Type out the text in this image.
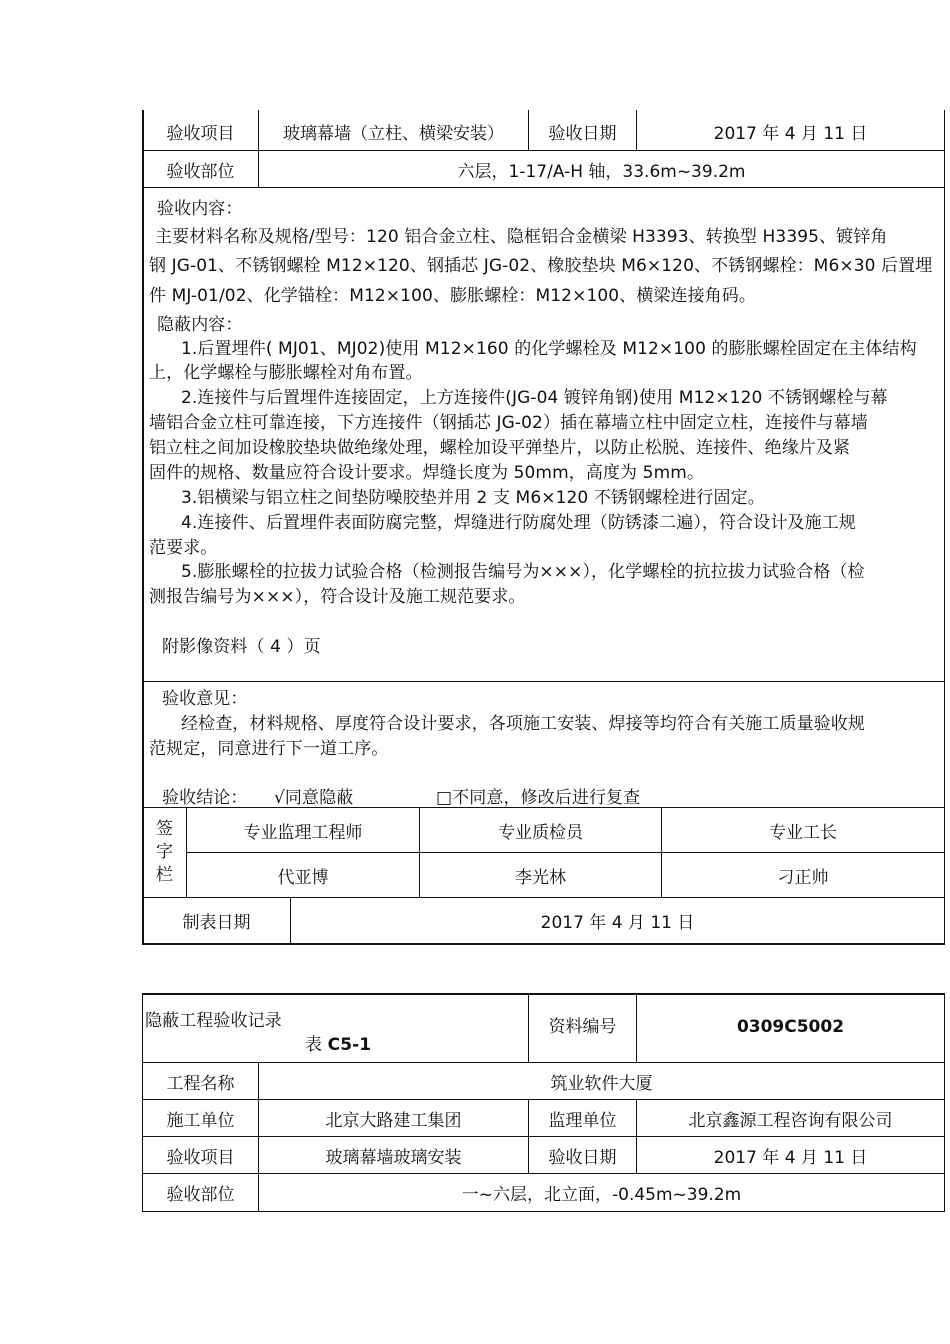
验收项目	玻璃幕墙（立柱、横梁安装）	验收日期	2017 年 4 月 11 日
验收部位	六层，1-17/A-H 轴，33.6m~39.2m
验收内容：
主要材料名称及规格/型号：120 铝合金立柱、隐框铝合金横梁 H3393、转换型 H3395、镀锌角
钢 JG-01、不锈钢螺栓 M12×120、钢插芯 JG-02、橡胶垫块 M6×120、不锈钢螺栓：M6×30 后置埋
件 MJ-01/02、化学锚栓：M12×100、膨胀螺栓：M12×100、横梁连接角码。
隐蔽内容：
1.后置埋件( MJ01、MJ02)使用 M12×160 的化学螺栓及 M12×100 的膨胀螺栓固定在主体结构
上，化学螺栓与膨胀螺栓对角布置。
2.连接件与后置埋件连接固定，上方连接件(JG-04 镀锌角钢)使用 M12×120 不锈钢螺栓与幕
墙铝合金立柱可靠连接，下方连接件（钢插芯 JG-02）插在幕墙立柱中固定立柱，连接件与幕墙
铝立柱之间加设橡胶垫块做绝缘处理，螺栓加设平弹垫片，以防止松脱、连接件、绝缘片及紧
固件的规格、数量应符合设计要求。焊缝长度为 50mm，高度为 5mm。
3.铝横梁与铝立柱之间垫防噪胶垫并用 2 支 M6×120 不锈钢螺栓进行固定。
4.连接件、后置埋件表面防腐完整，焊缝进行防腐处理（防锈漆二遍），符合设计及施工规
范要求。
5.膨胀螺栓的拉拔力试验合格（检测报告编号为×××），化学螺栓的抗拉拔力试验合格（检
测报告编号为×××），符合设计及施工规范要求。
附影像资料（ 4 ）页
验收意见：
经检查，材料规格、厚度符合设计要求，各项施工安装、焊接等均符合有关施工质量验收规
范规定，同意进行下一道工序。
验收结论： √同意隐蔽	□不同意，修改后进行复查
签
字
栏
专业监理工程师	专业质检员	专业工长
代亚博	李光林	刁正帅
制表日期	2017 年 4 月 11 日
隐蔽工程验收记录
表 C5-1
资料编号	0309C5002
工程名称	筑业软件大厦
施工单位	北京大路建工集团	监理单位	北京鑫源工程咨询有限公司
验收项目	玻璃幕墙玻璃安装	验收日期	2017 年 4 月 11 日
验收部位	一~六层，北立面，-0.45m~39.2m
